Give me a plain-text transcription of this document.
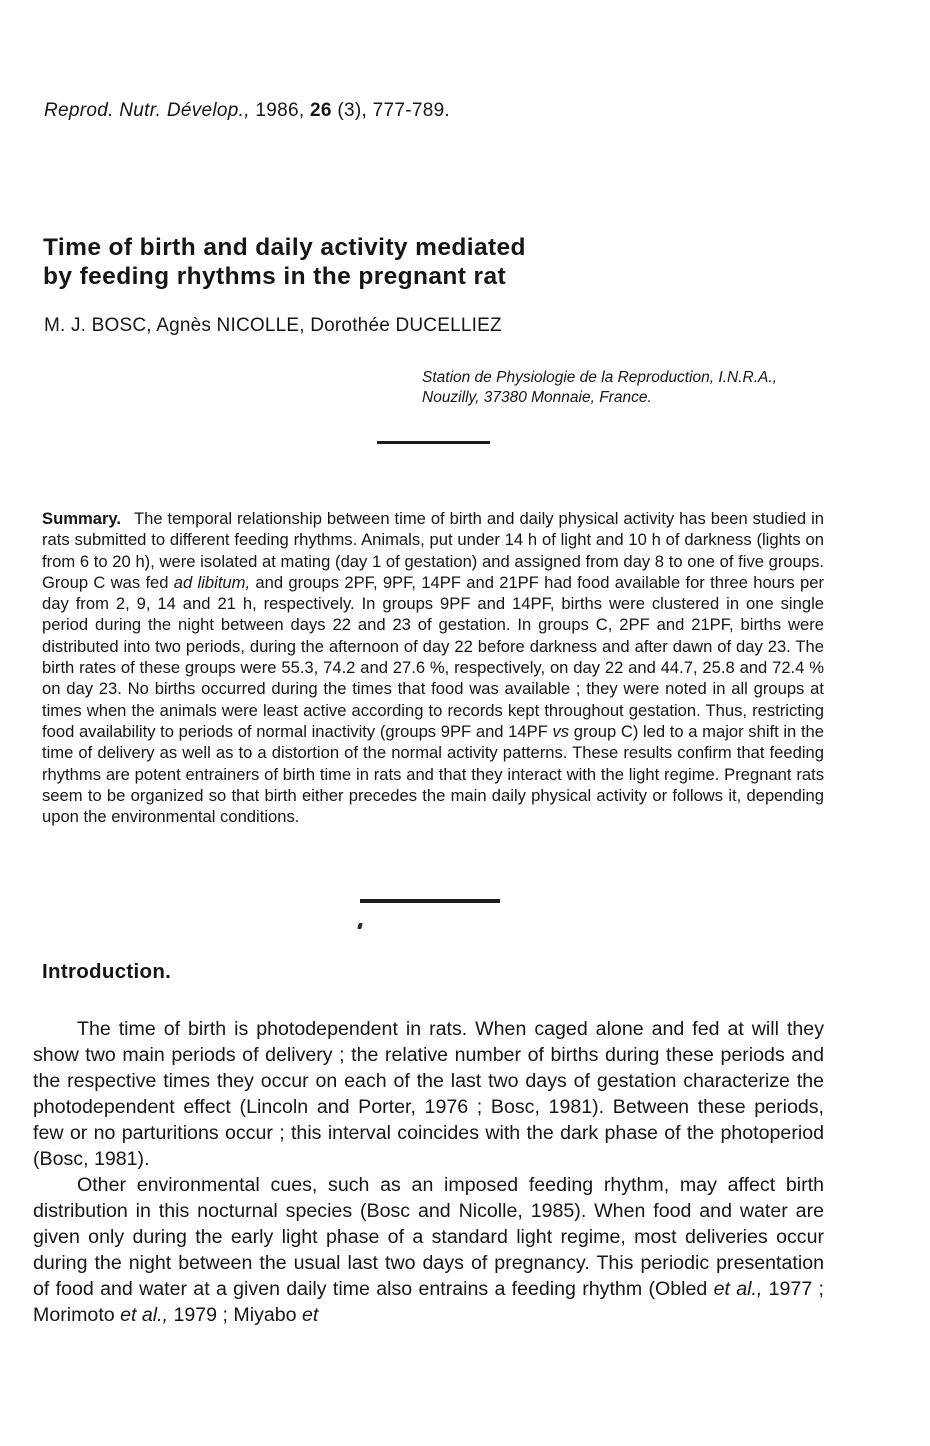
Reprod. Nutr. Dévelop., 1986, 26 (3), 777-789.
Time of birth and daily activity mediated
by feeding rhythms in the pregnant rat
M. J. BOSC, Agnès NICOLLE, Dorothée DUCELLIEZ
Station de Physiologie de la Reproduction, I.N.R.A.,
Nouzilly, 37380 Monnaie, France.
Summary. The temporal relationship between time of birth and daily physical activity has been studied in rats submitted to different feeding rhythms. Animals, put under 14 h of light and 10 h of darkness (lights on from 6 to 20 h), were isolated at mating (day 1 of gestation) and assigned from day 8 to one of five groups. Group C was fed ad libitum, and groups 2PF, 9PF, 14PF and 21PF had food available for three hours per day from 2, 9, 14 and 21 h, respectively. In groups 9PF and 14PF, births were clustered in one single period during the night between days 22 and 23 of gestation. In groups C, 2PF and 21PF, births were distributed into two periods, during the afternoon of day 22 before darkness and after dawn of day 23. The birth rates of these groups were 55.3, 74.2 and 27.6 %, respectively, on day 22 and 44.7, 25.8 and 72.4 % on day 23. No births occurred during the times that food was available ; they were noted in all groups at times when the animals were least active according to records kept throughout gestation. Thus, restricting food availability to periods of normal inactivity (groups 9PF and 14PF vs group C) led to a major shift in the time of delivery as well as to a distortion of the normal activity patterns. These results confirm that feeding rhythms are potent entrainers of birth time in rats and that they interact with the light regime. Pregnant rats seem to be organized so that birth either precedes the main daily physical activity or follows it, depending upon the environmental conditions.
Introduction.

The time of birth is photodependent in rats. When caged alone and fed at will they show two main periods of delivery ; the relative number of births during these periods and the respective times they occur on each of the last two days of gestation characterize the photodependent effect (Lincoln and Porter, 1976 ; Bosc, 1981). Between these periods, few or no parturitions occur ; this interval coincides with the dark phase of the photoperiod (Bosc, 1981).

Other environmental cues, such as an imposed feeding rhythm, may affect birth distribution in this nocturnal species (Bosc and Nicolle, 1985). When food and water are given only during the early light phase of a standard light regime, most deliveries occur during the night between the usual last two days of pregnancy. This periodic presentation of food and water at a given daily time also entrains a feeding rhythm (Obled et al., 1977 ; Morimoto et al., 1979 ; Miyabo et
